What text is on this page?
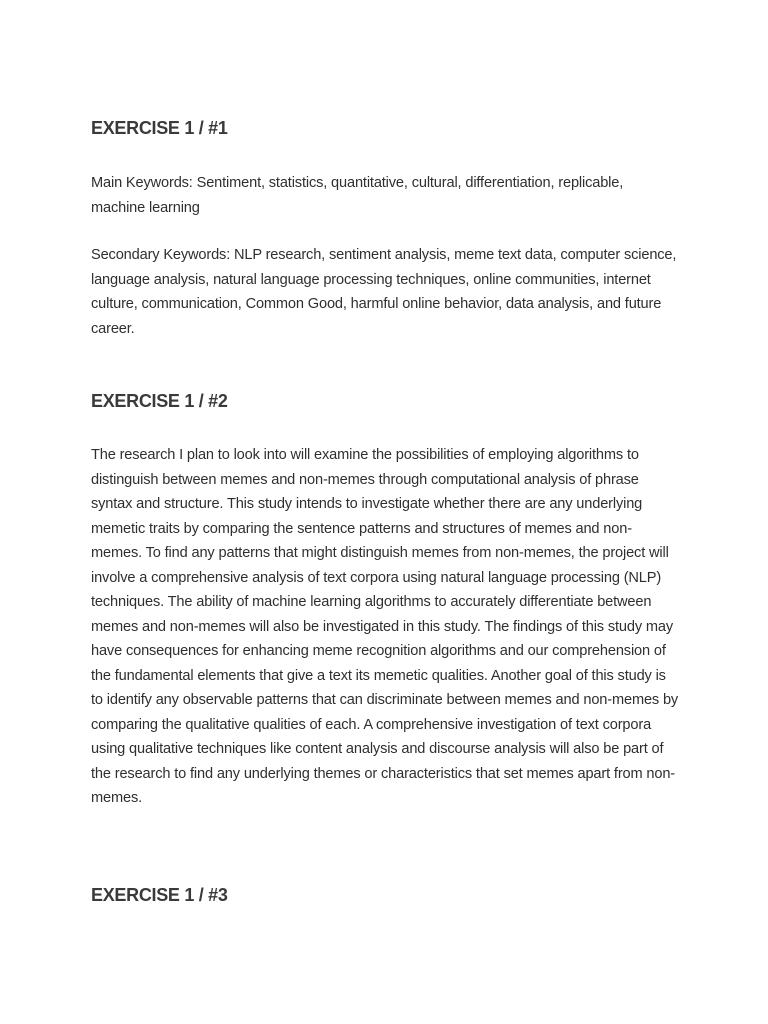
EXERCISE 1 / #1

Main Keywords: Sentiment, statistics, quantitative, cultural, differentiation, replicable, machine learning

Secondary Keywords: NLP research, sentiment analysis, meme text data, computer science, language analysis, natural language processing techniques, online communities, internet culture, communication, Common Good, harmful online behavior, data analysis, and future career.

EXERCISE 1 / #2

The research I plan to look into will examine the possibilities of employing algorithms to distinguish between memes and non-memes through computational analysis of phrase syntax and structure. This study intends to investigate whether there are any underlying memetic traits by comparing the sentence patterns and structures of memes and non-memes. To find any patterns that might distinguish memes from non-memes, the project will involve a comprehensive analysis of text corpora using natural language processing (NLP) techniques. The ability of machine learning algorithms to accurately differentiate between memes and non-memes will also be investigated in this study. The findings of this study may have consequences for enhancing meme recognition algorithms and our comprehension of the fundamental elements that give a text its memetic qualities. Another goal of this study is to identify any observable patterns that can discriminate between memes and non-memes by comparing the qualitative qualities of each. A comprehensive investigation of text corpora using qualitative techniques like content analysis and discourse analysis will also be part of the research to find any underlying themes or characteristics that set memes apart from non-memes.

EXERCISE 1 / #3
